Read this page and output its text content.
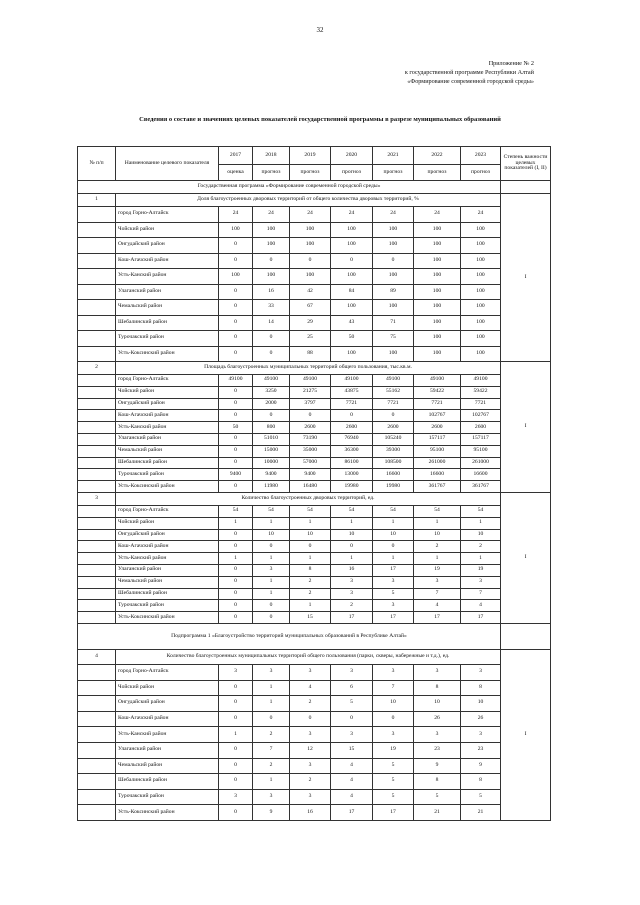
32
Приложение № 2
к государственной программе Республики Алтай
«Формирование современной городской среды»
Сведения о составе и значениях целевых показателей государственной программы в разрезе муниципальных образований
№ п/п	Наименование целевого показателя	2017	2018	2019	2020	2021	2022	2023	Степень важности целевых показателей (I, II)
		оценка	прогноз	прогноз	прогноз	прогноз	прогноз	прогноз	
Государственная программа «Формирование современной городской среды»									
1	Доля благоустроенных дворовых территорий от общего количества дворовых территорий, %								I
	город Горно-Алтайск	24	24	24	24	24	24	24	
	Чойский район	100	100	100	100	100	100	100	
	Онгудайский район	0	100	100	100	100	100	100	
	Кош-Агачский район	0	0	0	0	0	100	100	
	Усть-Канский район	100	100	100	100	100	100	100	
	Улаганский район	0	16	42	84	89	100	100	
	Чемальский район	0	33	67	100	100	100	100	
	Шебалинский район	0	14	29	43	71	100	100	
	Турочакский район	0	0	25	50	75	100	100	
	Усть-Коксинский район	0	0	88	100	100	100	100	
2	Площадь благоустроенных муниципальных территорий общего пользования, тыс.кв.м.								I
	город Горно-Алтайск	49100	49100	49100	49100	49100	49100	49100	
	Чойский район	0	3250	21275	43875	55162	59422	59422	
	Онгудайский район	0	2000	3797	7721	7721	7721	7721	
	Кош-Агачский район	0	0	0	0	0	102767	102767	
	Усть-Канский район	50	800	2600	2600	2600	2600	2600	
	Улаганский район	0	51010	73190	76940	105240	157117	157117	
	Чемальский район	0	15000	35000	36300	39300	95100	95100	
	Шебалинский район	0	10000	57000	86100	108500	261000	261000	
	Турочакский район	9400	9400	9400	13000	16600	16600	16600	
	Усть-Коксинский район	0	11980	16480	19980	19980	361767	361767	
3	Количество благоустроенных дворовых территорий, ед.								I
	город Горно-Алтайск	54	54	54	54	54	54	54	
	Чойский район	1	1	1	1	1	1	1	
	Онгудайский район	0	10	10	10	10	10	10	
	Кош-Агачский район	0	0	0	0	0	2	2	
	Усть-Канский район	1	1	1	1	1	1	1	
	Улаганский район	0	3	8	16	17	19	19	
	Чемальский район	0	1	2	3	3	3	3	
	Шебалинский район	0	1	2	3	5	7	7	
	Турочакский район	0	0	1	2	3	4	4	
	Усть-Коксинский район	0	0	15	17	17	17	17	
Подпрограмма 1 «Благоустройство территорий муниципальных образований в Республике Алтай»									
4	Количество благоустроенных муниципальных территорий общего пользования (парки, скверы, набережные и т.д.), ед.								I
	город Горно-Алтайск	3	3	3	3	3	3	3	
	Чойский район	0	1	4	6	7	8	8	
	Онгудайский район	0	1	2	5	10	10	10	
	Кош-Агачский район	0	0	0	0	0	26	26	
	Усть-Канский район	1	2	3	3	3	3	3	
	Улаганский район	0	7	12	15	19	23	23	
	Чемальский район	0	2	3	4	5	9	9	
	Шебалинский район	0	1	2	4	5	8	8	
	Турочакский район	3	3	3	4	5	5	5	
	Усть-Коксинский район	0	9	16	17	17	21	21	
